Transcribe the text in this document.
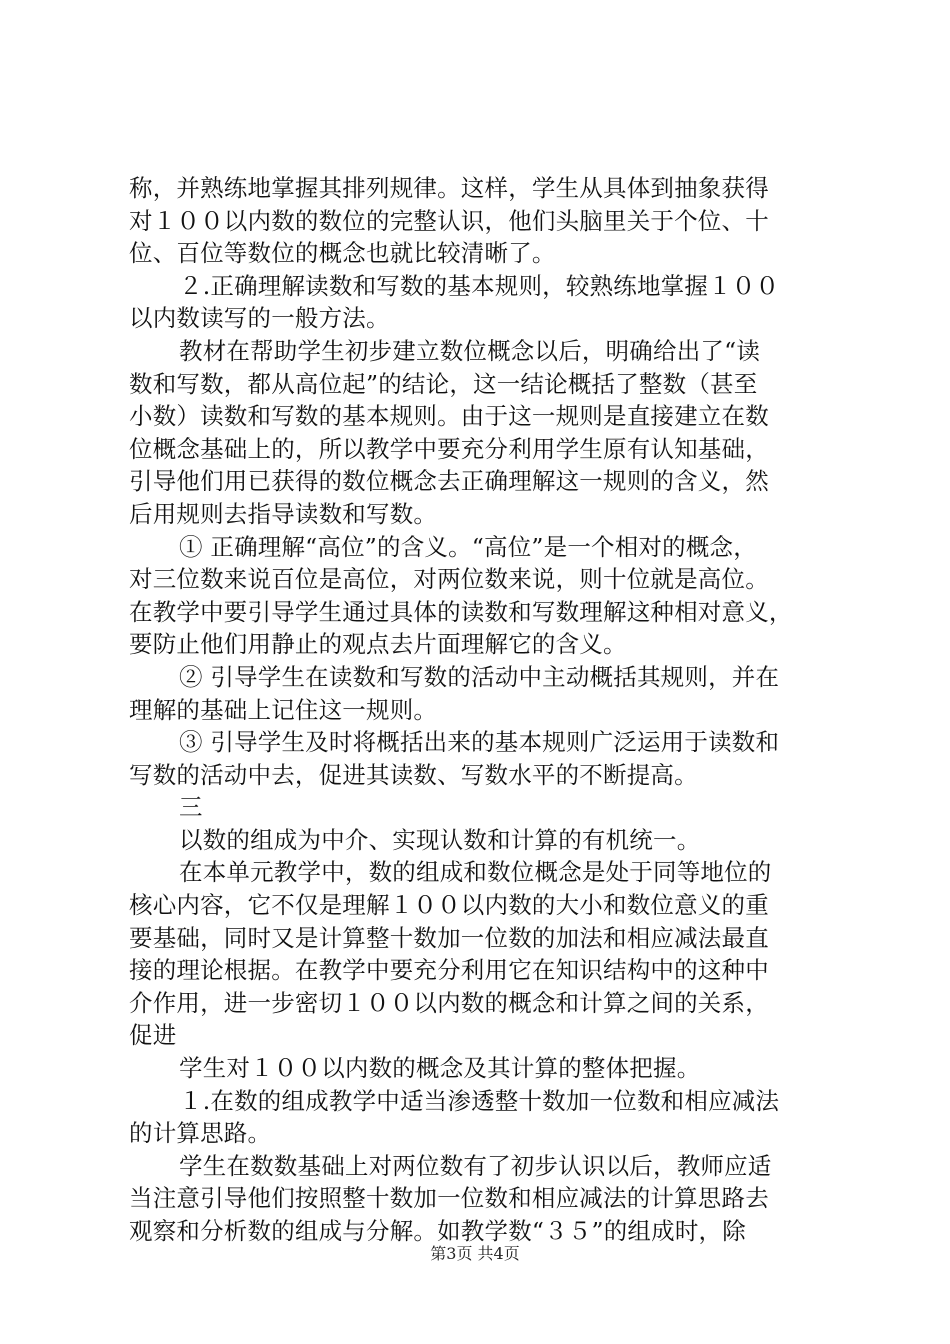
称，并熟练地掌握其排列规律。这样，学生从具体到抽象获得
对１００以内数的数位的完整认识，他们头脑里关于个位、十
位、百位等数位的概念也就比较清晰了。
２.正确理解读数和写数的基本规则，较熟练地掌握１００
以内数读写的一般方法。
教材在帮助学生初步建立数位概念以后，明确给出了“读
数和写数，都从高位起”的结论，这一结论概括了整数（甚至
小数）读数和写数的基本规则。由于这一规则是直接建立在数
位概念基础上的，所以教学中要充分利用学生原有认知基础，
引导他们用已获得的数位概念去正确理解这一规则的含义，然
后用规则去指导读数和写数。
① 正确理解“高位”的含义。“高位”是一个相对的概念，
对三位数来说百位是高位，对两位数来说，则十位就是高位。
在教学中要引导学生通过具体的读数和写数理解这种相对意义，
要防止他们用静止的观点去片面理解它的含义。
② 引导学生在读数和写数的活动中主动概括其规则，并在
理解的基础上记住这一规则。
③ 引导学生及时将概括出来的基本规则广泛运用于读数和
写数的活动中去，促进其读数、写数水平的不断提高。
三
以数的组成为中介、实现认数和计算的有机统一。
在本单元教学中，数的组成和数位概念是处于同等地位的
核心内容，它不仅是理解１００以内数的大小和数位意义的重
要基础，同时又是计算整十数加一位数的加法和相应减法最直
接的理论根据。在教学中要充分利用它在知识结构中的这种中
介作用，进一步密切１００以内数的概念和计算之间的关系，
促进
学生对１００以内数的概念及其计算的整体把握。
１.在数的组成教学中适当渗透整十数加一位数和相应减法
的计算思路。
学生在数数基础上对两位数有了初步认识以后，教师应适
当注意引导他们按照整十数加一位数和相应减法的计算思路去
观察和分析数的组成与分解。如教学数“３５”的组成时，除
第3页 共4页
